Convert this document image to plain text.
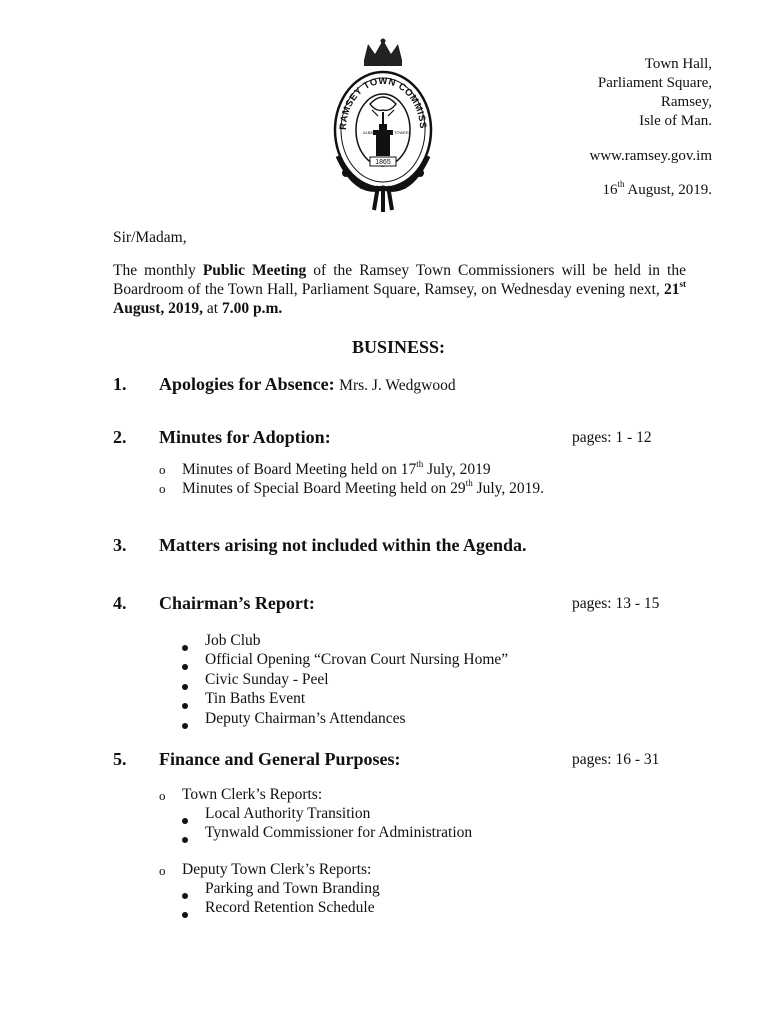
RAMSEY TOWN COMMISS
ALBERT	TOWER
1865
Town Hall,
Parliament Square,
Ramsey,
Isle of Man.
www.ramsey.gov.im
16th August, 2019.
Sir/Madam,
The monthly Public Meeting of the Ramsey Town Commissioners will be held in the Boardroom of the Town Hall, Parliament Square, Ramsey, on Wednesday evening next, 21st August, 2019, at 7.00 p.m.
BUSINESS:
1. Apologies for Absence: Mrs. J. Wedgwood
2. Minutes for Adoption:	pages: 1 - 12
o Minutes of Board Meeting held on 17th July, 2019
o Minutes of Special Board Meeting held on 29th July, 2019.
3. Matters arising not included within the Agenda.
4. Chairman’s Report:	pages: 13 - 15
Job Club
Official Opening “Crovan Court Nursing Home”
Civic Sunday - Peel
Tin Baths Event
Deputy Chairman’s Attendances
5. Finance and General Purposes:	pages: 16 - 31
o Town Clerk’s Reports:
Local Authority Transition
Tynwald Commissioner for Administration
o Deputy Town Clerk’s Reports:
Parking and Town Branding
Record Retention Schedule
